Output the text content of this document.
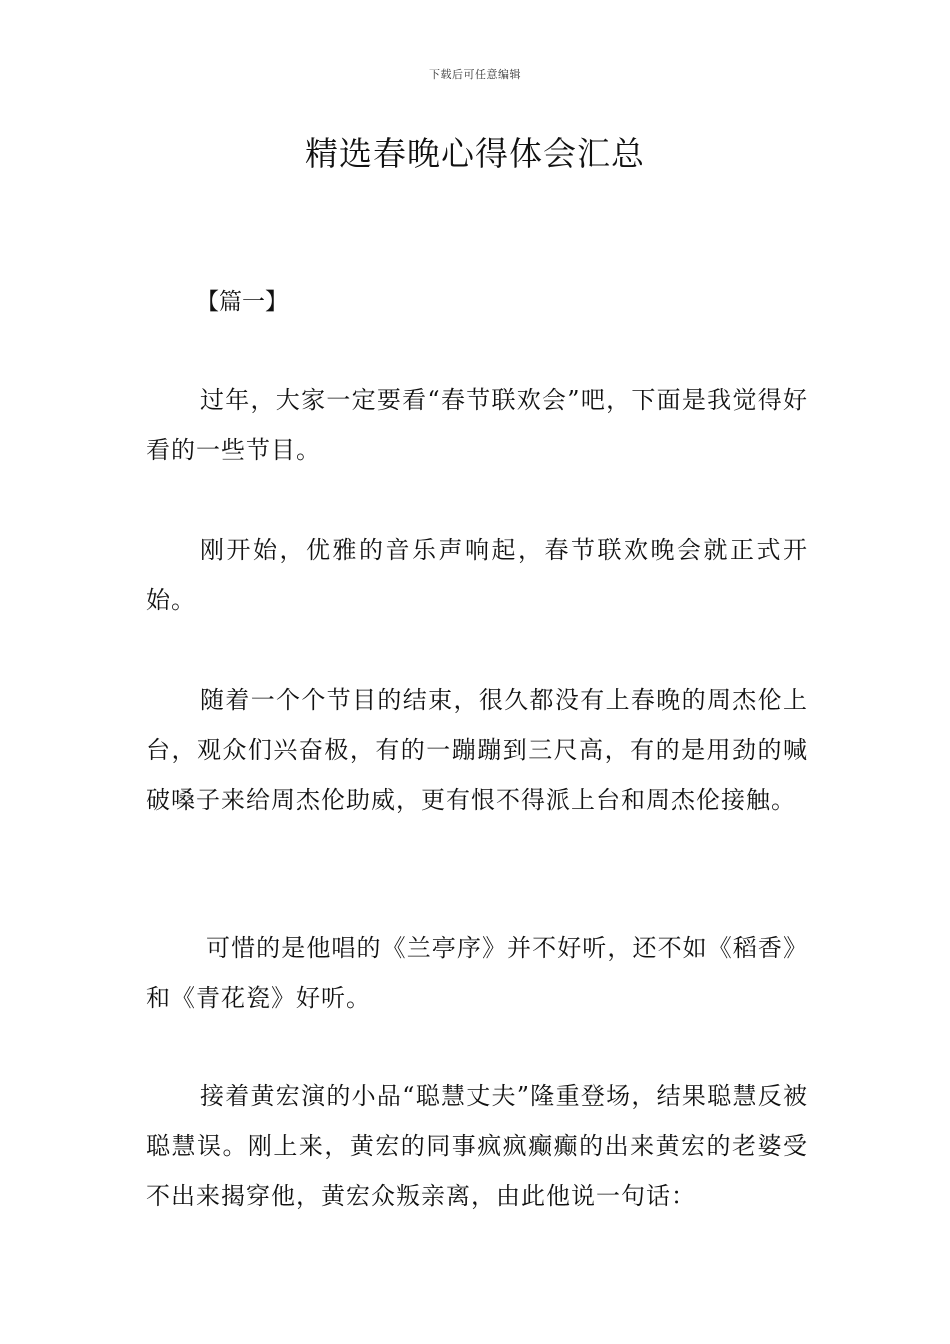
下载后可任意编辑
精选春晚心得体会汇总
【篇一】

过年，大家一定要看“春节联欢会”吧，下面是我觉得好看的一些节目。

刚开始，优雅的音乐声响起，春节联欢晚会就正式开始。

随着一个个节目的结束，很久都没有上春晚的周杰伦上台，观众们兴奋极，有的一蹦蹦到三尺高，有的是用劲的喊破嗓子来给周杰伦助威，更有恨不得派上台和周杰伦接触。

可惜的是他唱的《兰亭序》并不好听，还不如《稻香》和《青花瓷》好听。

接着黄宏演的小品“聪慧丈夫”隆重登场，结果聪慧反被聪慧误。刚上来，黄宏的同事疯疯癫癫的出来黄宏的老婆受不出来揭穿他，黄宏众叛亲离，由此他说一句话：
